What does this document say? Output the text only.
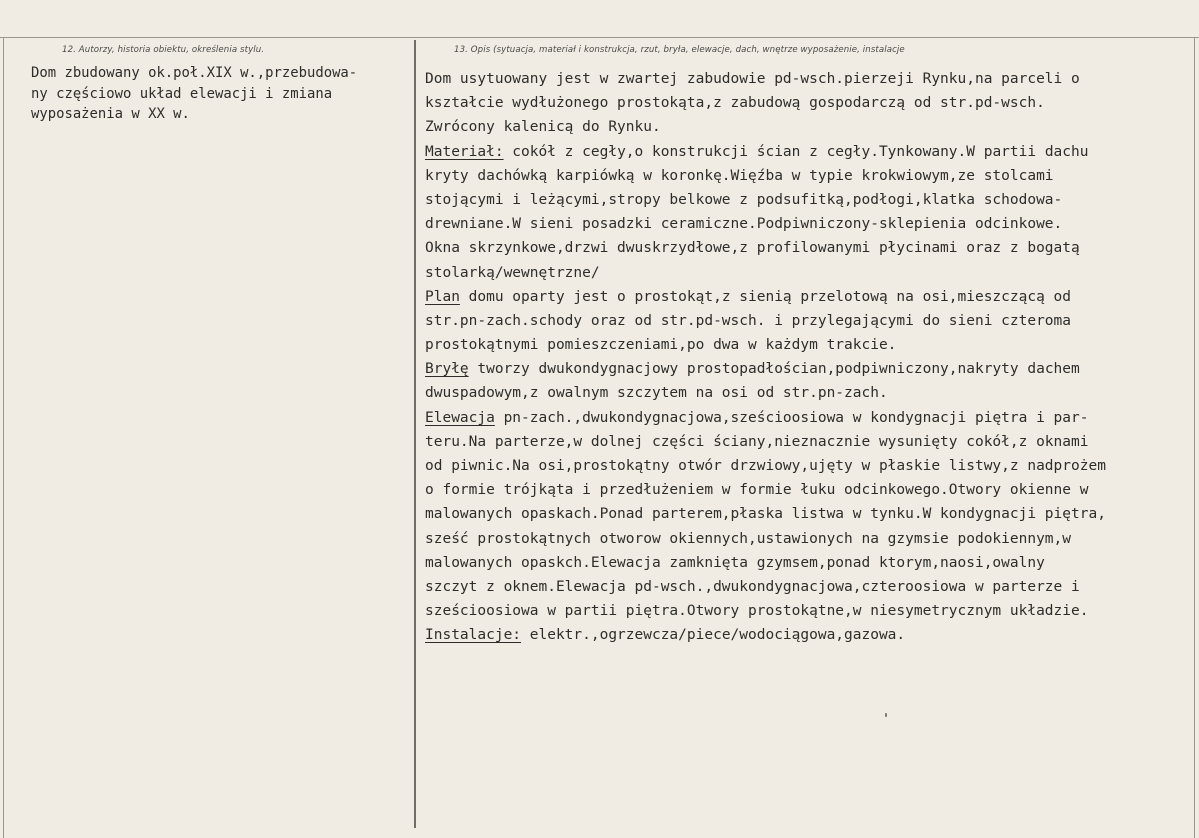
12. Autorzy, historia obiektu, określenia stylu.	13. Opis (sytuacja, materiał i konstrukcja, rzut, bryła, elewacje, dach, wnętrze wyposażenie, instalacje
Dom zbudowany ok.poł.XIX w.,przebudowa-
ny częściowo układ elewacji i zmiana
wyposażenia w XX w.
Dom usytuowany jest w zwartej zabudowie pd-wsch.pierzeji Rynku,na parceli o
kształcie wydłużonego prostokąta,z zabudową gospodarczą od str.pd-wsch.
Zwrócony kalenicą do Rynku.
Materiał: cokół z cegły,o konstrukcji ścian z cegły.Tynkowany.W partii dachu
kryty dachówką karpiówką w koronkę.Więźba w typie krokwiowym,ze stolcami
stojącymi i leżącymi,stropy belkowe z podsufitką,podłogi,klatka schodowa-
drewniane.W sieni posadzki ceramiczne.Podpiwniczony-sklepienia odcinkowe.
Okna skrzynkowe,drzwi dwuskrzydłowe,z profilowanymi płycinami oraz z bogatą
stolarką/wewnętrzne/
Plan domu oparty jest o prostokąt,z sienią przelotową na osi,mieszczącą od
str.pn-zach.schody oraz od str.pd-wsch. i przylegającymi do sieni czteroma
prostokątnymi pomieszczeniami,po dwa w każdym trakcie.
Bryłę tworzy dwukondygnacjowy prostopadłościan,podpiwniczony,nakryty dachem
dwuspadowym,z owalnym szczytem na osi od str.pn-zach.
Elewacja pn-zach.,dwukondygnacjowa,sześcioosiowa w kondygnacji piętra i par-
teru.Na parterze,w dolnej części ściany,nieznacznie wysunięty cokół,z oknami
od piwnic.Na osi,prostokątny otwór drzwiowy,ujęty w płaskie listwy,z nadprożem
o formie trójkąta i przedłużeniem w formie łuku odcinkowego.Otwory okienne w
malowanych opaskach.Ponad parterem,płaska listwa w tynku.W kondygnacji piętra,
sześć prostokątnych otworow okiennych,ustawionych na gzymsie podokiennym,w
malowanych opaskch.Elewacja zamknięta gzymsem,ponad ktorym,naosi,owalny
szczyt z oknem.Elewacja pd-wsch.,dwukondygnacjowa,czteroosiowa w parterze i
sześcioosiowa w partii piętra.Otwory prostokątne,w niesymetrycznym układzie.
Instalacje: elektr.,ogrzewcza/piece/wodociągowa,gazowa.
